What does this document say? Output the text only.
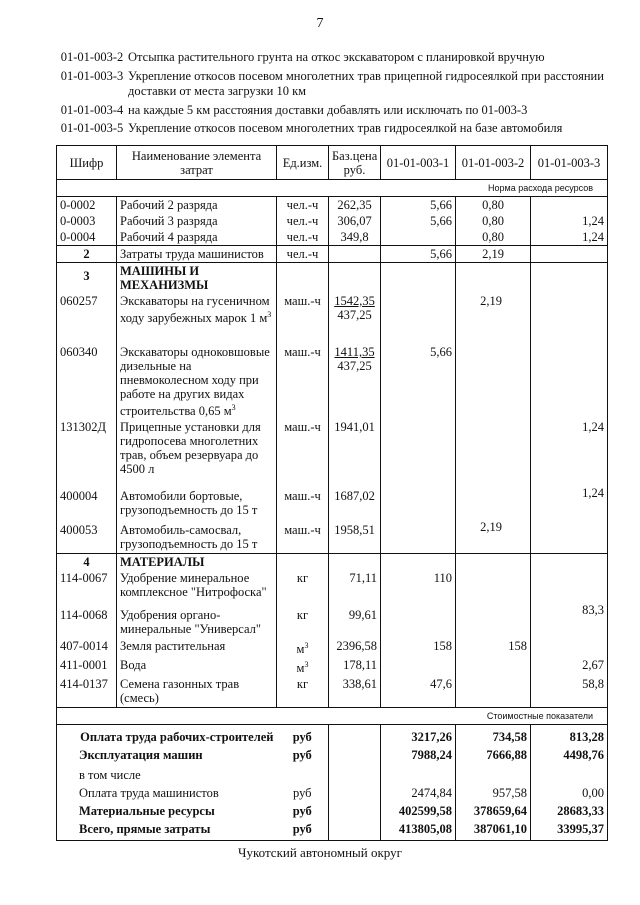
7
01-01-003-2 Отсыпка растительного грунта на откос экскаватором с планировкой вручную
01-01-003-3 Укрепление откосов посевом многолетних трав прицепной гидросеялкой при расстоянии доставки от места загрузки 10 км
01-01-003-4 на каждые 5 км расстояния доставки добавлять или исключать по 01-003-3
01-01-003-5 Укрепление откосов посевом многолетних трав гидросеялкой на базе автомобиля
Шифр	Наименование элемента затрат	Ед.изм.	Баз.цена руб.	01-01-003-1	01-01-003-2	01-01-003-3
Норма расхода ресурсов						
0-0002	Рабочий 2 разряда	чел.-ч	262,35	5,66	0,80	
0-0003	Рабочий 3 разряда	чел.-ч	306,07	5,66	0,80	1,24
0-0004	Рабочий 4 разряда	чел.-ч	349,8		0,80	1,24
2	Затраты труда машинистов	чел.-ч		5,66	2,19	
3	МАШИНЫ И МЕХАНИЗМЫ					
060257	Экскаваторы на гусеничном ходу зарубежных марок 1 $м^3$	маш.-ч	1542,35
437,25		2,19	
060340	Экскаваторы одноковшовые дизельные на пневмоколесном ходу при работе на других видах строительства 0,65 $м^3$	маш.-ч	1411,35
437,25	5,66		
131302Д	Прицепные установки для гидропосева многолетних трав, объем резервуара до 4500 л	маш.-ч	1941,01			1,24
400004	Автомобили бортовые, грузоподъемность до 15 т	маш.-ч	1687,02			1,24
400053	Автомобиль-самосвал, грузоподъемность до 15 т	маш.-ч	1958,51		2,19	
4	МАТЕРИАЛЫ					
114-0067	Удобрение минеральное комплексное "Нитрофоска"	кг	71,11	110		
114-0068	Удобрения органо-минеральные "Универсал"	кг	99,61			83,3
407-0014	Земля растительная	$м^3$	2396,58	158	158	
411-0001	Вода	$м^3$	178,11			2,67
414-0137	Семена газонных трав (смесь)	кг	338,61	47,6		58,8
Стоимостные показатели						
Оплата труда рабочих-строителей		руб		3217,26	734,58	813,28
Эксплуатация машин		руб		7988,24	7666,88	4498,76
в том числе						
Оплата труда машинистов		руб		2474,84	957,58	0,00
Материальные ресурсы		руб		402599,58	378659,64	28683,33
Всего, прямые затраты		руб		413805,08	387061,10	33995,37
Чукотский автономный округ
